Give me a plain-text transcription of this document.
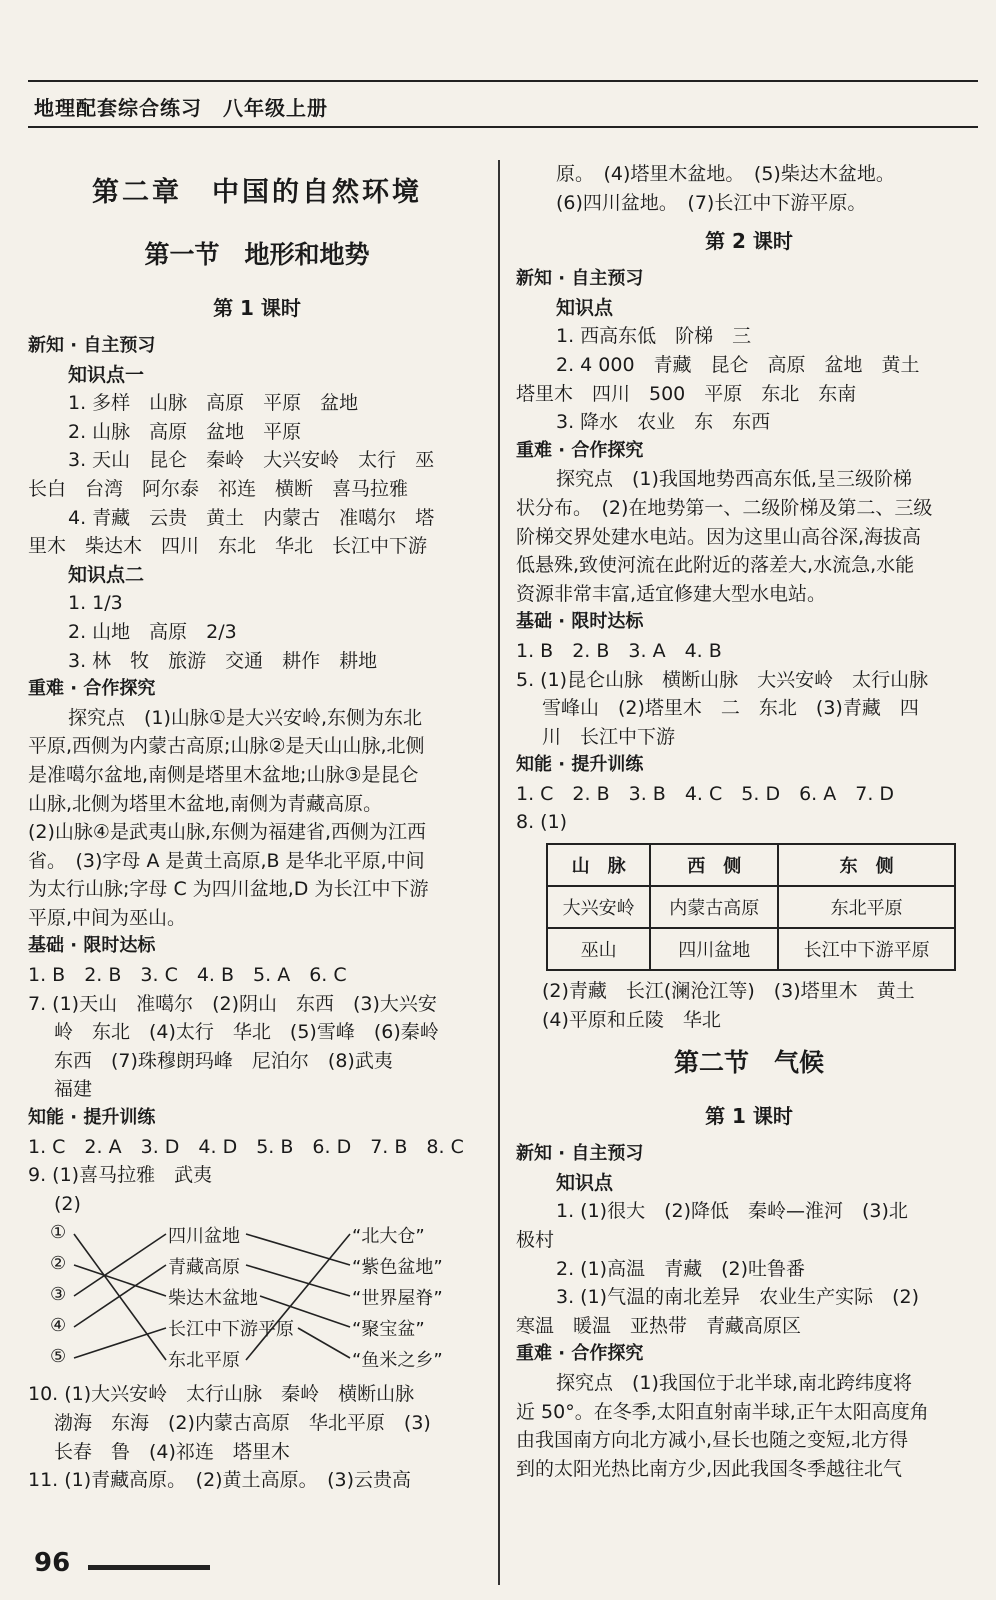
地理配套综合练习　八年级上册
第二章　中国的自然环境
第一节　地形和地势
第 1 课时
新知 · 自主预习
知识点一
1. 多样　山脉　高原　平原　盆地
2. 山脉　高原　盆地　平原
3. 天山　昆仑　秦岭　大兴安岭　太行　巫
长白　台湾　阿尔泰　祁连　横断　喜马拉雅
4. 青藏　云贵　黄土　内蒙古　准噶尔　塔
里木　柴达木　四川　东北　华北　长江中下游
知识点二
1. 1/3
2. 山地　高原　2/3
3. 林　牧　旅游　交通　耕作　耕地
重难 · 合作探究
探究点　(1)山脉①是大兴安岭,东侧为东北
平原,西侧为内蒙古高原;山脉②是天山山脉,北侧
是准噶尔盆地,南侧是塔里木盆地;山脉③是昆仑
山脉,北侧为塔里木盆地,南侧为青藏高原。
(2)山脉④是武夷山脉,东侧为福建省,西侧为江西
省。　(3)字母 A 是黄土高原,B 是华北平原,中间
为太行山脉;字母 C 为四川盆地,D 为长江中下游
平原,中间为巫山。
基础 · 限时达标
1. B　2. B　3. C　4. B　5. A　6. C
7. (1)天山　准噶尔　(2)阴山　东西　(3)大兴安
岭　东北　(4)太行　华北　(5)雪峰　(6)秦岭
东西　(7)珠穆朗玛峰　尼泊尔　(8)武夷
福建
知能 · 提升训练
1. C　2. A　3. D　4. D　5. B　6. D　7. B　8. C
9. (1)喜马拉雅　武夷
(2)
①
②
③
④
⑤
四川盆地
青藏高原
柴达木盆地
长江中下游平原
东北平原
“北大仓”
“紫色盆地”
“世界屋脊”
“聚宝盆”
“鱼米之乡”
10. (1)大兴安岭　太行山脉　秦岭　横断山脉
渤海　东海　(2)内蒙古高原　华北平原　(3)
长春　鲁　(4)祁连　塔里木
11. (1)青藏高原。　(2)黄土高原。　(3)云贵高
原。　(4)塔里木盆地。　(5)柴达木盆地。
(6)四川盆地。　(7)长江中下游平原。
第 2 课时
新知 · 自主预习
知识点
1. 西高东低　阶梯　三
2. 4 000　青藏　昆仑　高原　盆地　黄土
塔里木　四川　500　平原　东北　东南
3. 降水　农业　东　东西
重难 · 合作探究
探究点　(1)我国地势西高东低,呈三级阶梯
状分布。　(2)在地势第一、二级阶梯及第二、三级
阶梯交界处建水电站。因为这里山高谷深,海拔高
低悬殊,致使河流在此附近的落差大,水流急,水能
资源非常丰富,适宜修建大型水电站。
基础 · 限时达标
1. B　2. B　3. A　4. B
5. (1)昆仑山脉　横断山脉　大兴安岭　太行山脉
雪峰山　(2)塔里木　二　东北　(3)青藏　四
川　长江中下游
知能 · 提升训练
1. C　2. B　3. B　4. C　5. D　6. A　7. D
8. (1)
山　脉	西　侧	东　侧
大兴安岭	内蒙古高原	东北平原
巫山	四川盆地	长江中下游平原
(2)青藏　长江(澜沧江等)　(3)塔里木　黄土
(4)平原和丘陵　华北
第二节　气候
第 1 课时
新知 · 自主预习
知识点
1. (1)很大　(2)降低　秦岭—淮河　(3)北
极村
2. (1)高温　青藏　(2)吐鲁番
3. (1)气温的南北差异　农业生产实际　(2)
寒温　暖温　亚热带　青藏高原区
重难 · 合作探究
探究点　(1)我国位于北半球,南北跨纬度将
近 50°。在冬季,太阳直射南半球,正午太阳高度角
由我国南方向北方减小,昼长也随之变短,北方得
到的太阳光热比南方少,因此我国冬季越往北气
96
